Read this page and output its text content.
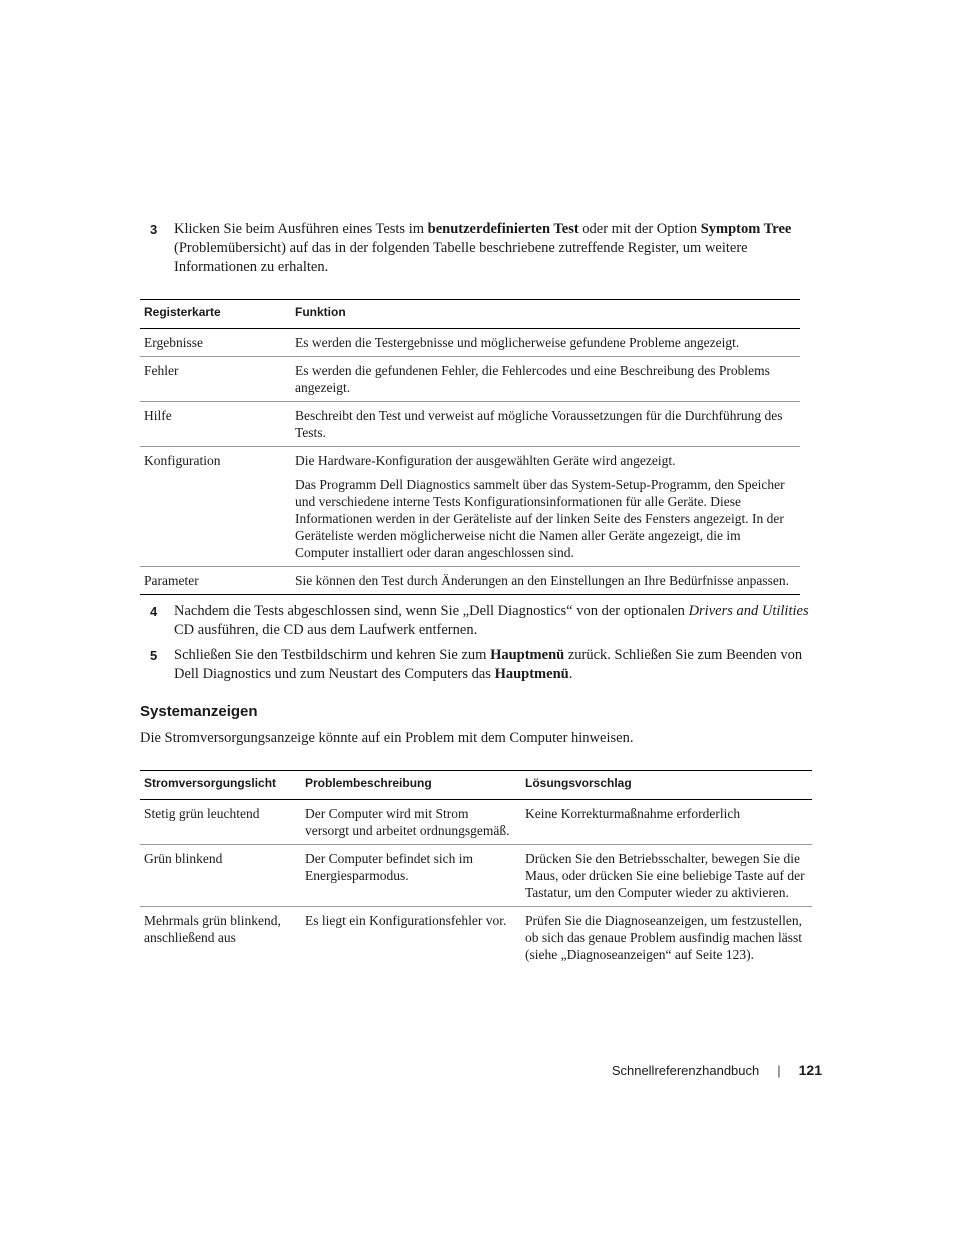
3 Klicken Sie beim Ausführen eines Tests im benutzerdefinierten Test oder mit der Option Symptom Tree (Problemübersicht) auf das in der folgenden Tabelle beschriebene zutreffende Register, um weitere Informationen zu erhalten.
Registerkarte	Funktion
Ergebnisse	Es werden die Testergebnisse und möglicherweise gefundene Probleme angezeigt.

Fehler	Es werden die gefundenen Fehler, die Fehlercodes und eine Beschreibung des Problems angezeigt.

Hilfe	Beschreibt den Test und verweist auf mögliche Voraussetzungen für die Durchführung des Tests.

Konfiguration	Die Hardware-Konfiguration der ausgewählten Geräte wird angezeigt.

Das Programm Dell Diagnostics sammelt über das System-Setup-Programm, den Speicher und verschiedene interne Tests Konfigurationsinformationen für alle Geräte. Diese Informationen werden in der Geräteliste auf der linken Seite des Fensters angezeigt. In der Geräteliste werden möglicherweise nicht die Namen aller Geräte angezeigt, die im Computer installiert oder daran angeschlossen sind.

Parameter	Sie können den Test durch Änderungen an den Einstellungen an Ihre Bedürfnisse anpassen.

4 Nachdem die Tests abgeschlossen sind, wenn Sie „Dell Diagnostics“ von der optionalen Drivers and Utilities CD ausführen, die CD aus dem Laufwerk entfernen.
5 Schließen Sie den Testbildschirm und kehren Sie zum Hauptmenü zurück. Schließen Sie zum Beenden von Dell Diagnostics und zum Neustart des Computers das Hauptmenü.
Systemanzeigen
Die Stromversorgungsanzeige könnte auf ein Problem mit dem Computer hinweisen.
Stromversorgungslicht	Problembeschreibung	Lösungsvorschlag
Stetig grün leuchtend	Der Computer wird mit Strom versorgt und arbeitet ordnungsgemäß.	Keine Korrekturmaßnahme erforderlich
Grün blinkend	Der Computer befindet sich im Energiesparmodus.	Drücken Sie den Betriebsschalter, bewegen Sie die Maus, oder drücken Sie eine beliebige Taste auf der Tastatur, um den Computer wieder zu aktivieren.
Mehrmals grün blinkend, anschließend aus	Es liegt ein Konfigurationsfehler vor.	Prüfen Sie die Diagnoseanzeigen, um festzustellen, ob sich das genaue Problem ausfindig machen lässt (siehe „Diagnoseanzeigen“ auf Seite 123).
Schnellreferenzhandbuch | 121
